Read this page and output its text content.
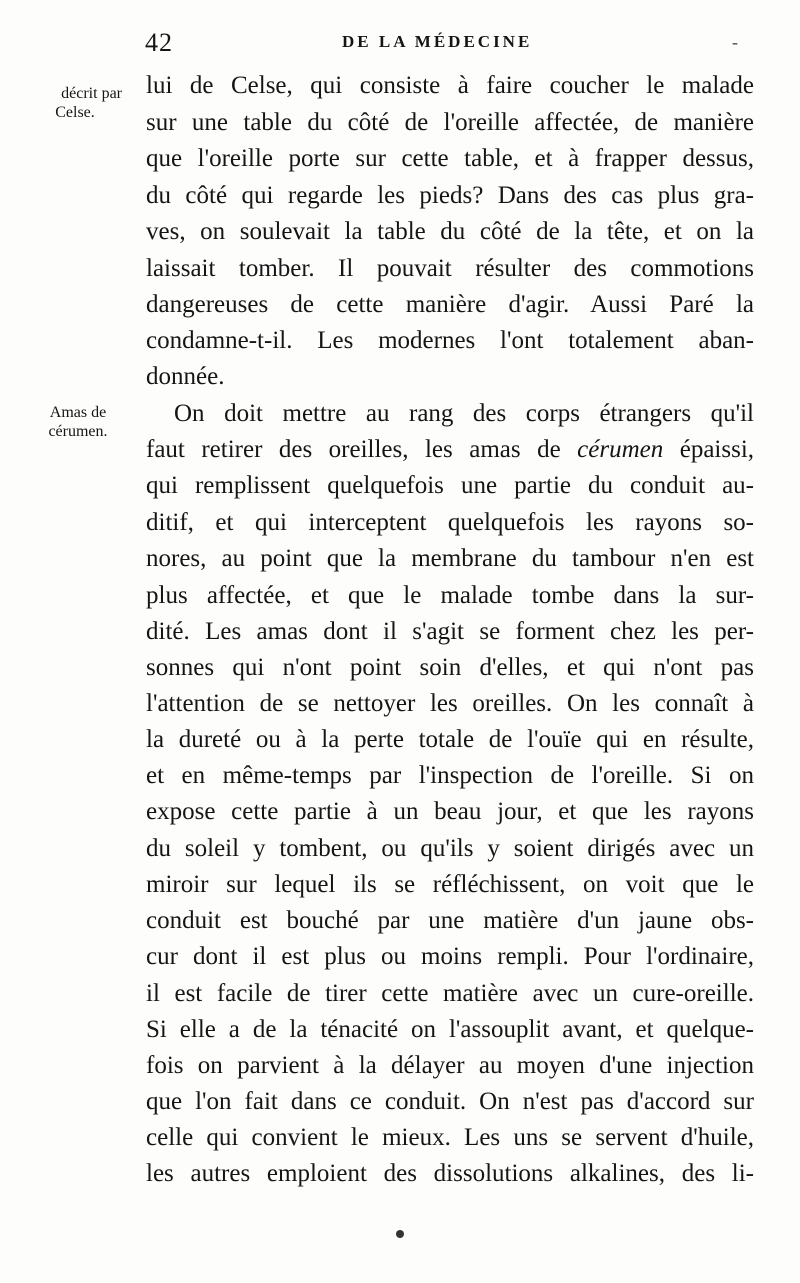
42	DE LA MÉDECINE	-
décrit par
Celse.
Amas de
cérumen.
lui de Celse, qui consiste à faire coucher le malade
sur une table du côté de l'oreille affectée, de manière
que l'oreille porte sur cette table, et à frapper dessus,
du côté qui regarde les pieds? Dans des cas plus gra-
ves, on soulevait la table du côté de la tête, et on la
laissait tomber. Il pouvait résulter des commotions
dangereuses de cette manière d'agir. Aussi Paré la
condamne-t-il. Les modernes l'ont totalement aban-
donnée.
On doit mettre au rang des corps étrangers qu'il
faut retirer des oreilles, les amas de cérumen épaissi,
qui remplissent quelquefois une partie du conduit au-
ditif, et qui interceptent quelquefois les rayons so-
nores, au point que la membrane du tambour n'en est
plus affectée, et que le malade tombe dans la sur-
dité. Les amas dont il s'agit se forment chez les per-
sonnes qui n'ont point soin d'elles, et qui n'ont pas
l'attention de se nettoyer les oreilles. On les connaît à
la dureté ou à la perte totale de l'ouïe qui en résulte,
et en même-temps par l'inspection de l'oreille. Si on
expose cette partie à un beau jour, et que les rayons
du soleil y tombent, ou qu'ils y soient dirigés avec un
miroir sur lequel ils se réfléchissent, on voit que le
conduit est bouché par une matière d'un jaune obs-
cur dont il est plus ou moins rempli. Pour l'ordinaire,
il est facile de tirer cette matière avec un cure-oreille.
Si elle a de la ténacité on l'assouplit avant, et quelque-
fois on parvient à la délayer au moyen d'une injection
que l'on fait dans ce conduit. On n'est pas d'accord sur
celle qui convient le mieux. Les uns se servent d'huile,
les autres emploient des dissolutions alkalines, des li-
